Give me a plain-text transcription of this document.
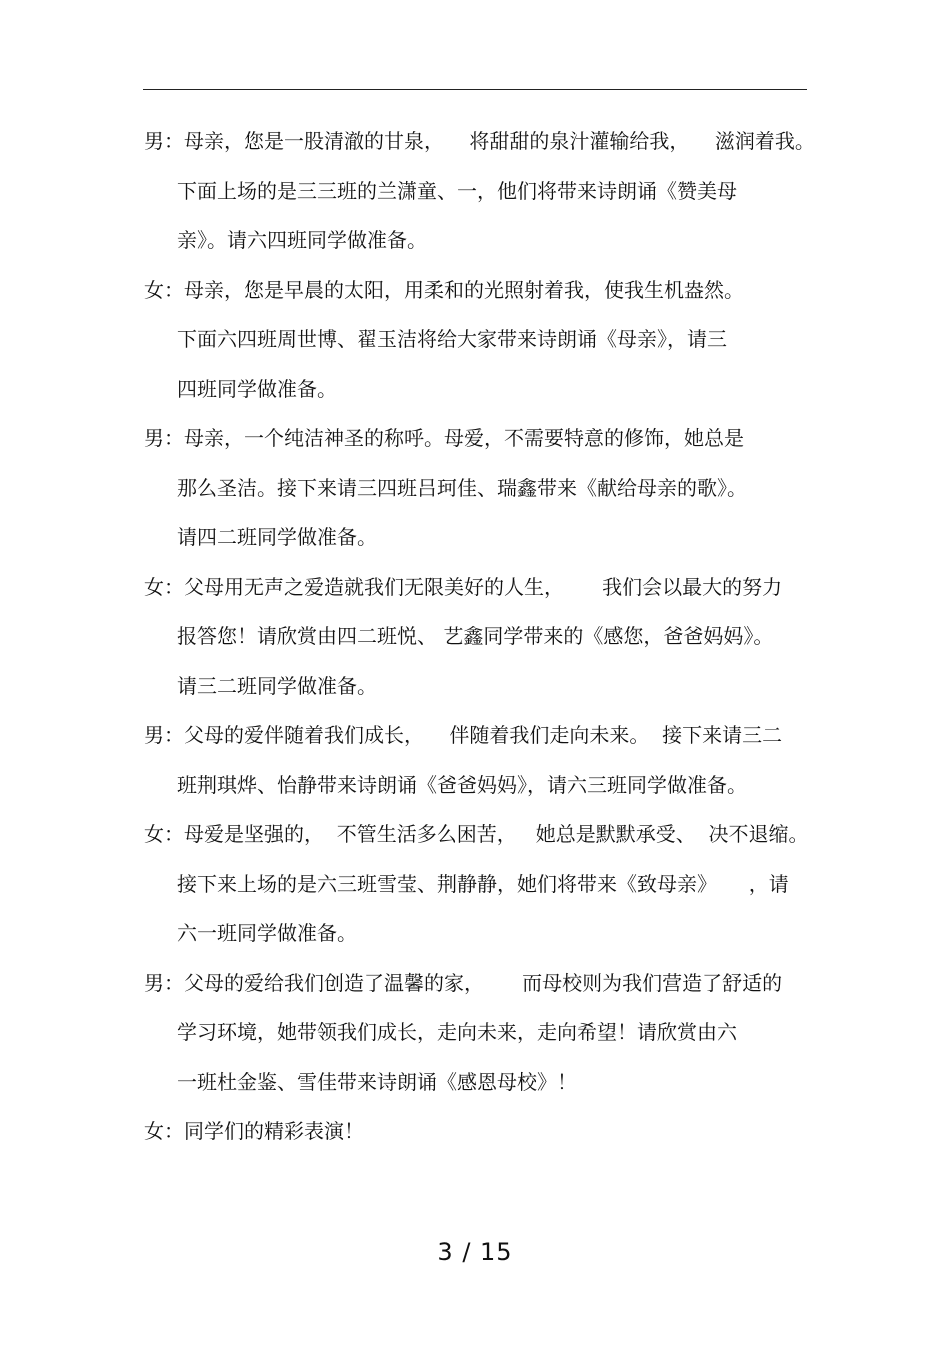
男：母亲，您是一股清澈的甘泉，    将甜甜的泉汁灌输给我，    滋润着我。
下面上场的是三三班的兰潇童、一，他们将带来诗朗诵《赞美母
亲》。请六四班同学做准备。
女：母亲，您是早晨的太阳，用柔和的光照射着我，使我生机盎然。
下面六四班周世博、翟玉洁将给大家带来诗朗诵《母亲》，请三
四班同学做准备。
男：母亲，一个纯洁神圣的称呼。母爱，不需要特意的修饰，她总是
那么圣洁。接下来请三四班吕珂佳、瑞鑫带来《献给母亲的歌》。
请四二班同学做准备。
女：父母用无声之爱造就我们无限美好的人生，      我们会以最大的努力
报答您！请欣赏由四二班悦、 艺鑫同学带来的《感您，爸爸妈妈》。
请三二班同学做准备。
男：父母的爱伴随着我们成长，    伴随着我们走向未来。  接下来请三二
班荆琪烨、怡静带来诗朗诵《爸爸妈妈》，请六三班同学做准备。
女：母爱是坚强的，  不管生活多么困苦，   她总是默默承受、  决不退缩。
接下来上场的是六三班雪莹、荆静静，她们将带来《致母亲》     ，请
六一班同学做准备。
男：父母的爱给我们创造了温馨的家，      而母校则为我们营造了舒适的
学习环境，她带领我们成长，走向未来，走向希望！请欣赏由六
一班杜金鉴、雪佳带来诗朗诵《感恩母校》！
女：同学们的精彩表演！
3 / 15
